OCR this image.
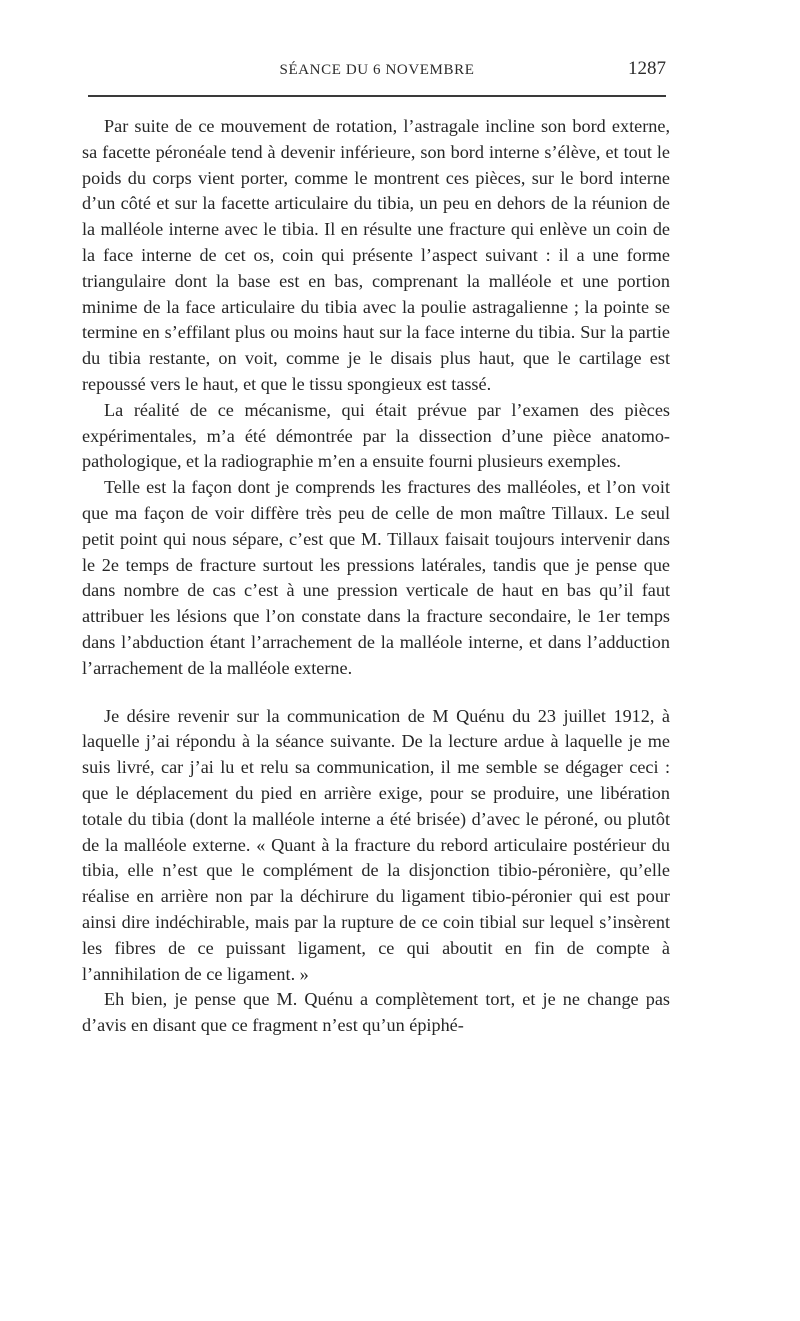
SÉANCE DU 6 NOVEMBRE	1287

Par suite de ce mouvement de rotation, l’astragale incline son bord externe, sa facette péronéale tend à devenir inférieure, son bord interne s’élève, et tout le poids du corps vient porter, comme le montrent ces pièces, sur le bord interne d’un côté et sur la facette articulaire du tibia, un peu en dehors de la réunion de la malléole interne avec le tibia. Il en résulte une fracture qui enlève un coin de la face interne de cet os, coin qui présente l’aspect suivant : il a une forme triangulaire dont la base est en bas, comprenant la malléole et une portion minime de la face articulaire du tibia avec la poulie astragalienne ; la pointe se termine en s’effilant plus ou moins haut sur la face interne du tibia. Sur la partie du tibia restante, on voit, comme je le disais plus haut, que le cartilage est repoussé vers le haut, et que le tissu spongieux est tassé.

La réalité de ce mécanisme, qui était prévue par l’examen des pièces expérimentales, m’a été démontrée par la dissection d’une pièce anatomo-pathologique, et la radiographie m’en a ensuite fourni plusieurs exemples.

Telle est la façon dont je comprends les fractures des malléoles, et l’on voit que ma façon de voir diffère très peu de celle de mon maître Tillaux. Le seul petit point qui nous sépare, c’est que M. Tillaux faisait toujours intervenir dans le 2e temps de fracture surtout les pressions latérales, tandis que je pense que dans nombre de cas c’est à une pression verticale de haut en bas qu’il faut attribuer les lésions que l’on constate dans la fracture secondaire, le 1er temps dans l’abduction étant l’arrachement de la malléole interne, et dans l’adduction l’arrachement de la malléole externe.

Je désire revenir sur la communication de M Quénu du 23 juillet 1912, à laquelle j’ai répondu à la séance suivante. De la lecture ardue à laquelle je me suis livré, car j’ai lu et relu sa communication, il me semble se dégager ceci : que le déplacement du pied en arrière exige, pour se produire, une libération totale du tibia (dont la malléole interne a été brisée) d’avec le péroné, ou plutôt de la malléole externe. « Quant à la fracture du rebord articulaire postérieur du tibia, elle n’est que le complément de la disjonction tibio-péronière, qu’elle réalise en arrière non par la déchirure du ligament tibio-péronier qui est pour ainsi dire indéchirable, mais par la rupture de ce coin tibial sur lequel s’insèrent les fibres de ce puissant ligament, ce qui aboutit en fin de compte à l’annihilation de ce ligament. »

Eh bien, je pense que M. Quénu a complètement tort, et je ne change pas d’avis en disant que ce fragment n’est qu’un épiphé-
